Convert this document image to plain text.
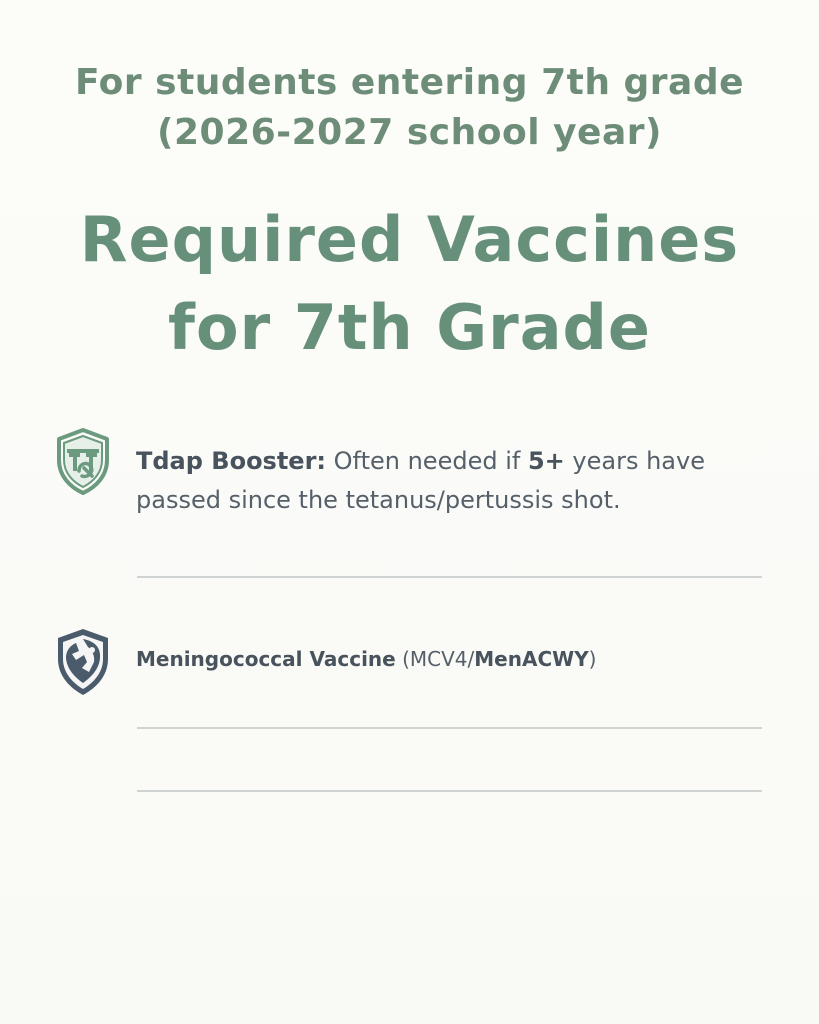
For students entering 7th grade (2026-2027 school year)
Required Vaccines for 7th Grade
Tdap Booster: Often needed if 5+ years have passed since the tetanus/pertussis shot.
Meningococcal Vaccine (MCV4/MenACWY)
